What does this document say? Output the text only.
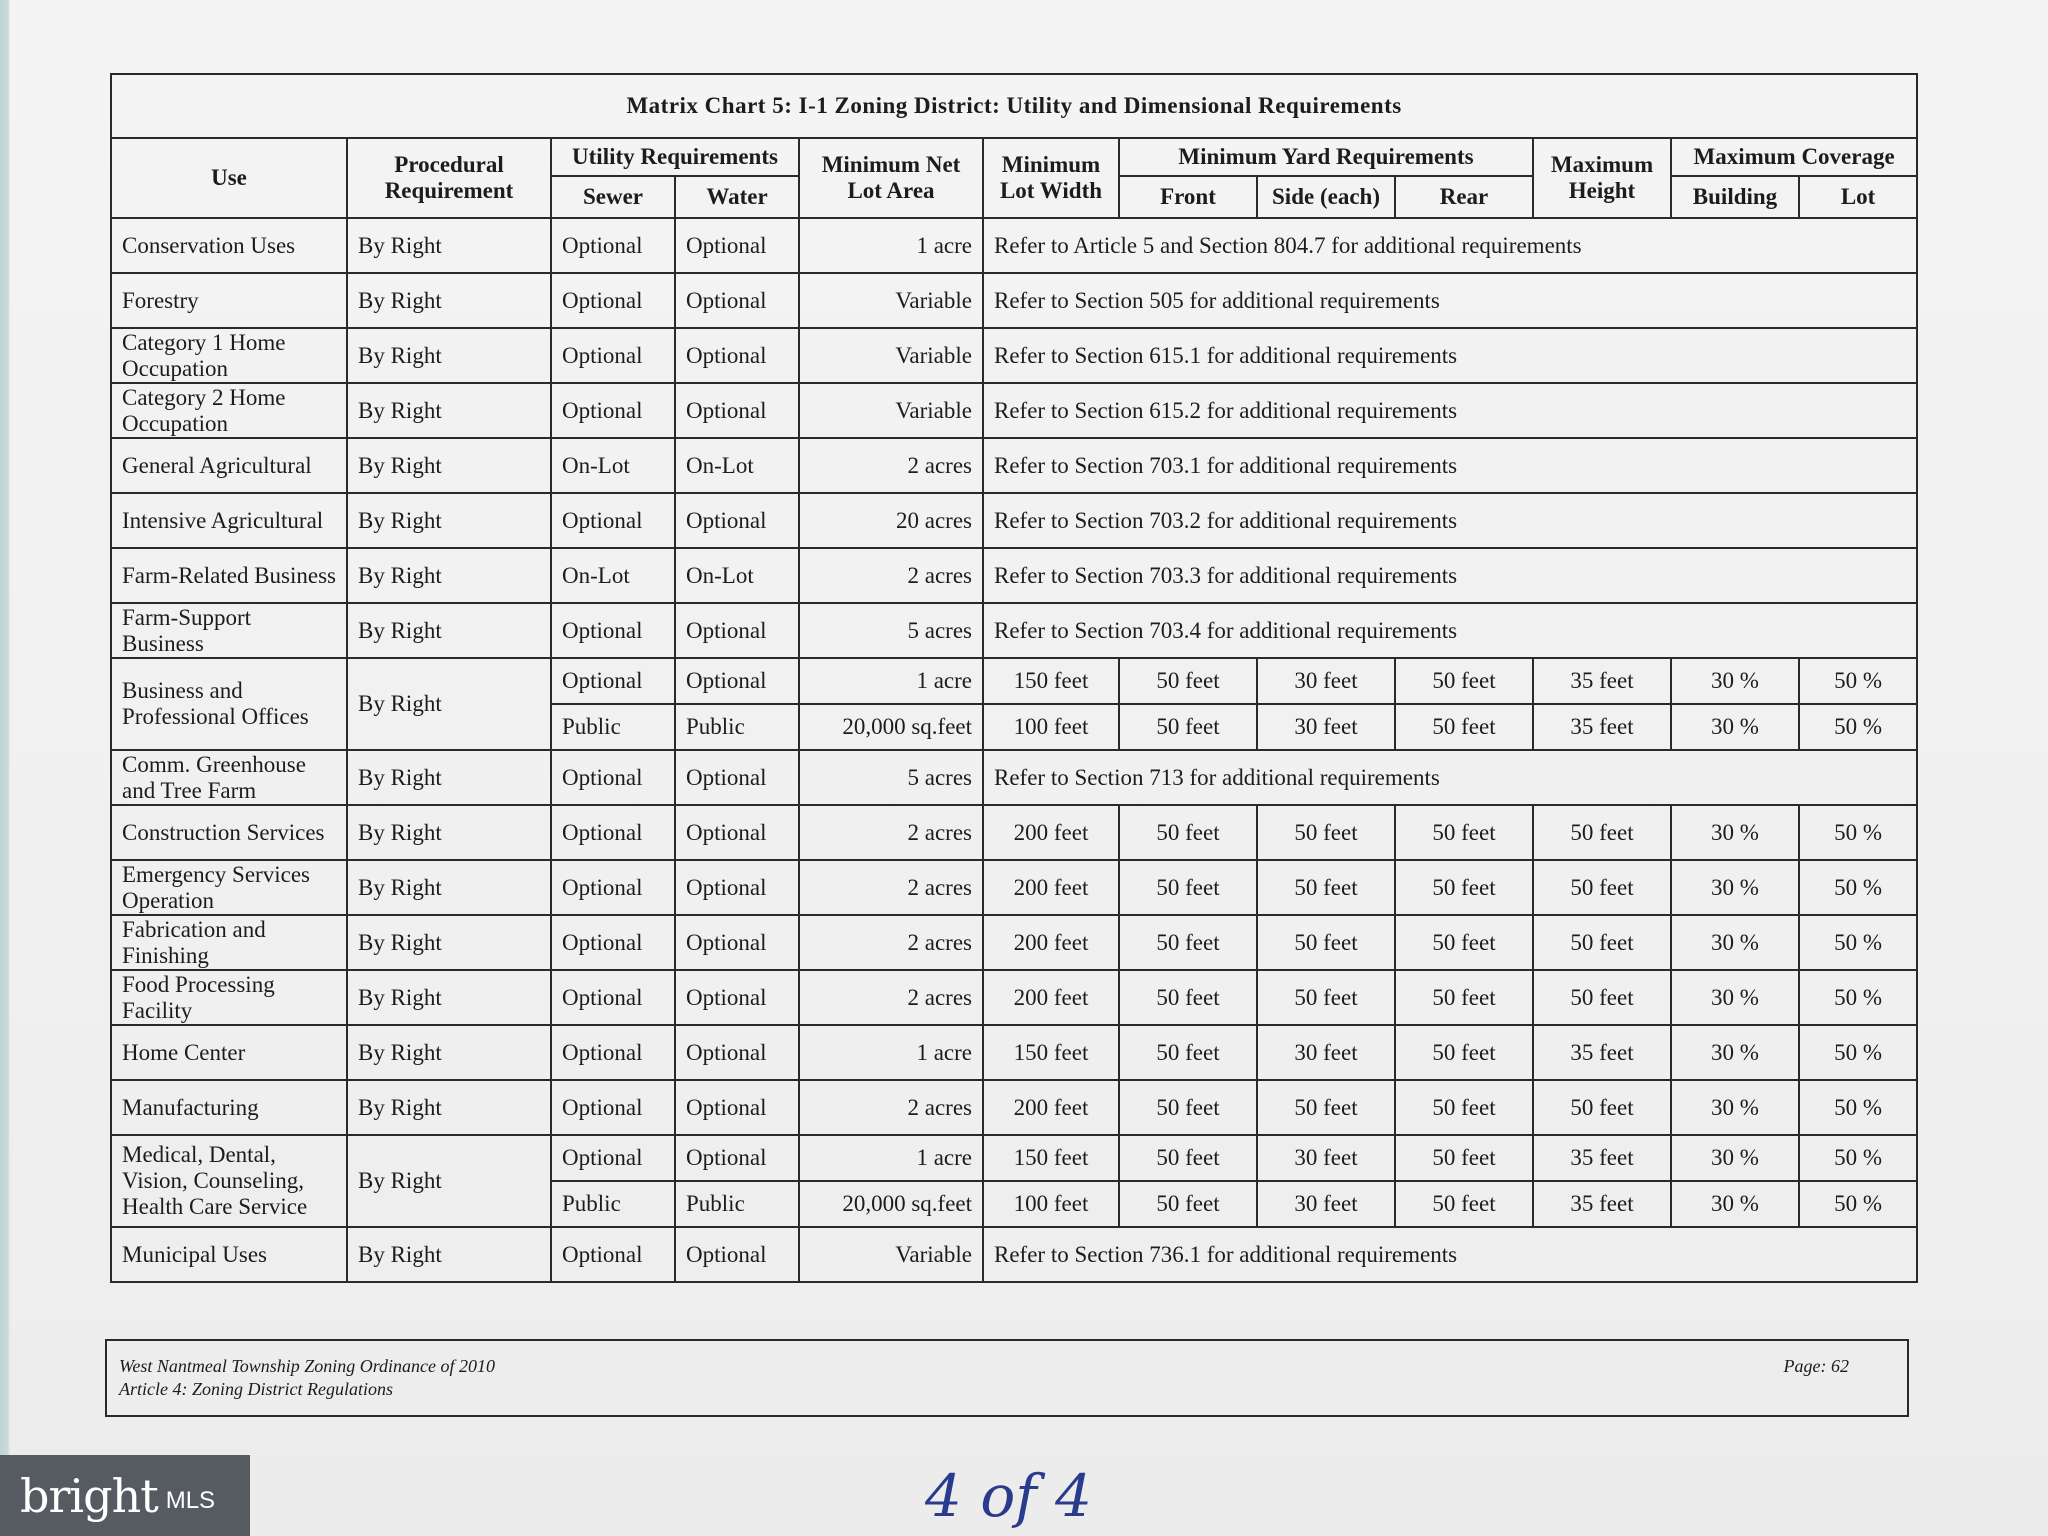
Matrix Chart 5: I-1 Zoning District: Utility and Dimensional Requirements											
Use	Procedural Requirement	Utility Requirements		Minimum Net Lot Area	Minimum Lot Width	Minimum Yard Requirements			Maximum Height	Maximum Coverage	
		Sewer	Water			Front	Side (each)	Rear		Building	Lot
Conservation Uses	By Right	Optional	Optional	1 acre	Refer to Article 5 and Section 804.7 for additional requirements						
Forestry	By Right	Optional	Optional	Variable	Refer to Section 505 for additional requirements						
Category 1 Home Occupation	By Right	Optional	Optional	Variable	Refer to Section 615.1 for additional requirements						
Category 2 Home Occupation	By Right	Optional	Optional	Variable	Refer to Section 615.2 for additional requirements						
General Agricultural	By Right	On-Lot	On-Lot	2 acres	Refer to Section 703.1 for additional requirements						
Intensive Agricultural	By Right	Optional	Optional	20 acres	Refer to Section 703.2 for additional requirements						
Farm-Related Business	By Right	On-Lot	On-Lot	2 acres	Refer to Section 703.3 for additional requirements						
Farm-Support Business	By Right	Optional	Optional	5 acres	Refer to Section 703.4 for additional requirements						
Business and Professional Offices	By Right	Optional	Optional	1 acre	150 feet	50 feet	30 feet	50 feet	35 feet	30 %	50 %
		Public	Public	20,000 sq.feet	100 feet	50 feet	30 feet	50 feet	35 feet	30 %	50 %
Comm. Greenhouse and Tree Farm	By Right	Optional	Optional	5 acres	Refer to Section 713 for additional requirements						
Construction Services	By Right	Optional	Optional	2 acres	200 feet	50 feet	50 feet	50 feet	50 feet	30 %	50 %
Emergency Services Operation	By Right	Optional	Optional	2 acres	200 feet	50 feet	50 feet	50 feet	50 feet	30 %	50 %
Fabrication and Finishing	By Right	Optional	Optional	2 acres	200 feet	50 feet	50 feet	50 feet	50 feet	30 %	50 %
Food Processing Facility	By Right	Optional	Optional	2 acres	200 feet	50 feet	50 feet	50 feet	50 feet	30 %	50 %
Home Center	By Right	Optional	Optional	1 acre	150 feet	50 feet	30 feet	50 feet	35 feet	30 %	50 %
Manufacturing	By Right	Optional	Optional	2 acres	200 feet	50 feet	50 feet	50 feet	50 feet	30 %	50 %
Medical, Dental, Vision, Counseling, Health Care Service	By Right	Optional	Optional	1 acre	150 feet	50 feet	30 feet	50 feet	35 feet	30 %	50 %
		Public	Public	20,000 sq.feet	100 feet	50 feet	30 feet	50 feet	35 feet	30 %	50 %
Municipal Uses	By Right	Optional	Optional	Variable	Refer to Section 736.1 for additional requirements						
West Nantmeal Township Zoning Ordinance of 2010
Article 4: Zoning District Regulations
Page: 62
4 of 4
bright MLS
